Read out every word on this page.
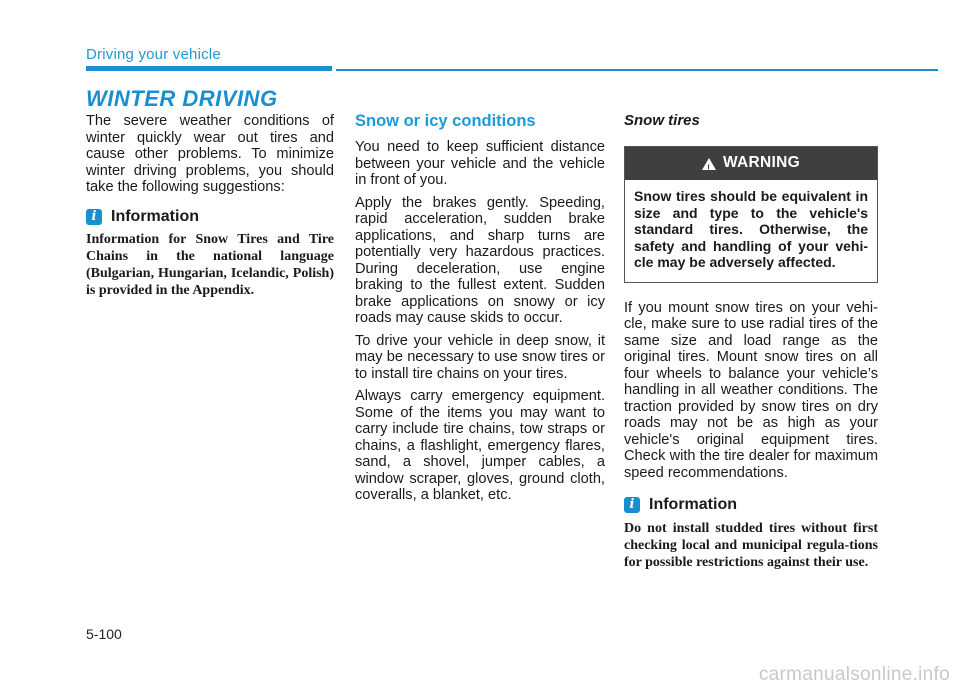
Driving your vehicle
WINTER DRIVING

The severe weather conditions of winter quickly wear out tires and cause other problems. To minimize winter driving problems, you should take the following suggestions:

i Information

Information for Snow Tires and Tire Chains in the national language (Bulgarian, Hungarian, Icelandic, Polish) is provided in the Appendix.

Snow or icy conditions

You need to keep sufficient distance between your vehicle and the vehicle in front of you.

Apply the brakes gently. Speeding, rapid acceleration, sudden brake applications, and sharp turns are potentially very hazardous practices. During deceleration, use engine braking to the fullest extent. Sudden brake applications on snowy or icy roads may cause skids to occur.

To drive your vehicle in deep snow, it may be necessary to use snow tires or to install tire chains on your tires.

Always carry emergency equipment. Some of the items you may want to carry include tire chains, tow straps or chains, a flashlight, emergency flares, sand, a shovel, jumper cables, a window scraper, gloves, ground cloth, coveralls, a blanket, etc.

Snow tires
! WARNING
Snow tires should be equivalent in size and type to the vehicle's standard tires. Otherwise, the safety and handling of your vehi-cle may be adversely affected.

If you mount snow tires on your vehi-cle, make sure to use radial tires of the same size and load range as the original tires. Mount snow tires on all four wheels to balance your vehicle’s handling in all weather conditions. The traction provided by snow tires on dry roads may not be as high as your vehicle's original equipment tires. Check with the tire dealer for maximum speed recommendations.

i Information

Do not install studded tires without first checking local and municipal regula-tions for possible restrictions against their use.

5-100
carmanualsonline.info
